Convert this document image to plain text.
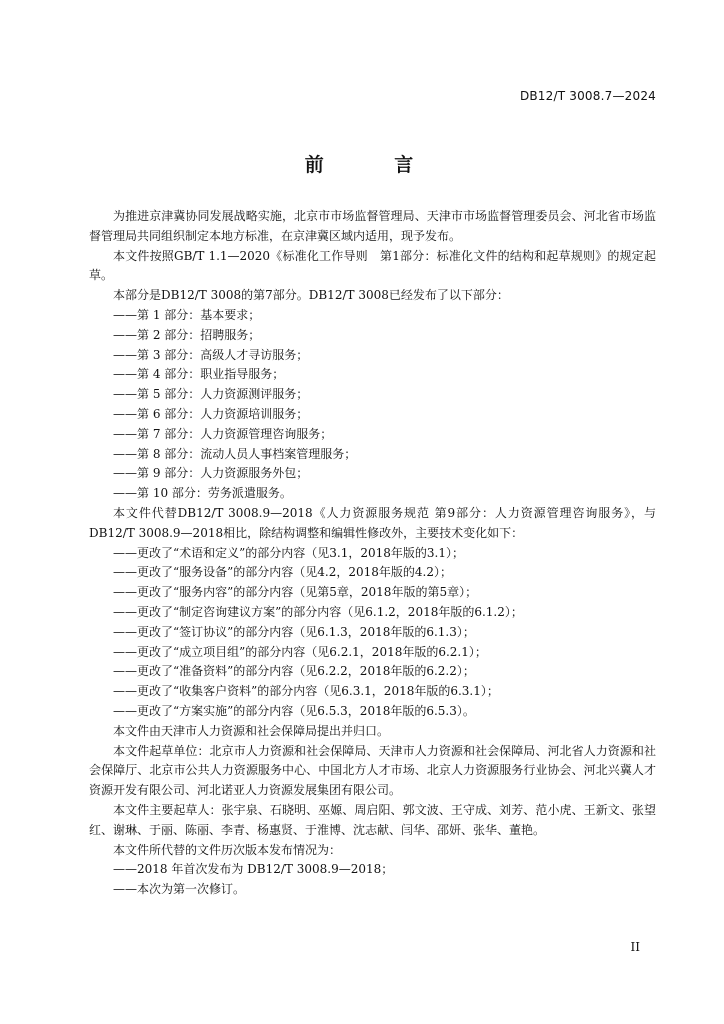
DB12/T 3008.7—2024
前 言

为推进京津冀协同发展战略实施，北京市市场监督管理局、天津市市场监督管理委员会、河北省市场监督管理局共同组织制定本地方标准，在京津冀区域内适用，现予发布。

本文件按照GB/T 1.1—2020《标准化工作导则　第1部分：标准化文件的结构和起草规则》的规定起草。

本部分是DB12/T 3008的第7部分。DB12/T 3008已经发布了以下部分：

——第 1 部分：基本要求；

——第 2 部分：招聘服务；

——第 3 部分：高级人才寻访服务；

——第 4 部分：职业指导服务；

——第 5 部分：人力资源测评服务；

——第 6 部分：人力资源培训服务；

——第 7 部分：人力资源管理咨询服务；

——第 8 部分：流动人员人事档案管理服务；

——第 9 部分：人力资源服务外包；

——第 10 部分：劳务派遣服务。

本文件代替DB12/T 3008.9—2018《人力资源服务规范 第9部分：人力资源管理咨询服务》，与DB12/T 3008.9—2018相比，除结构调整和编辑性修改外，主要技术变化如下：

——更改了“术语和定义”的部分内容（见3.1，2018年版的3.1）；

——更改了“服务设备”的部分内容（见4.2，2018年版的4.2）；

——更改了“服务内容”的部分内容（见第5章，2018年版的第5章）；

——更改了“制定咨询建议方案”的部分内容（见6.1.2，2018年版的6.1.2）；

——更改了“签订协议”的部分内容（见6.1.3，2018年版的6.1.3）；

——更改了“成立项目组”的部分内容（见6.2.1，2018年版的6.2.1）；

——更改了“准备资料”的部分内容（见6.2.2，2018年版的6.2.2）；

——更改了“收集客户资料”的部分内容（见6.3.1，2018年版的6.3.1）；

——更改了“方案实施”的部分内容（见6.5.3，2018年版的6.5.3）。

本文件由天津市人力资源和社会保障局提出并归口。

本文件起草单位：北京市人力资源和社会保障局、天津市人力资源和社会保障局、河北省人力资源和社会保障厅、北京市公共人力资源服务中心、中国北方人才市场、北京人力资源服务行业协会、河北兴冀人才资源开发有限公司、河北诺亚人力资源发展集团有限公司。

本文件主要起草人：张宇泉、石晓明、巫嫄、周启阳、郭文波、王守成、刘芳、范小虎、王新文、张望红、谢琳、于丽、陈丽、李青、杨惠贤、于淮博、沈志献、闫华、邵妍、张华、董艳。

本文件所代替的文件历次版本发布情况为：

——2018 年首次发布为 DB12/T 3008.9—2018；

——本次为第一次修订。

II
